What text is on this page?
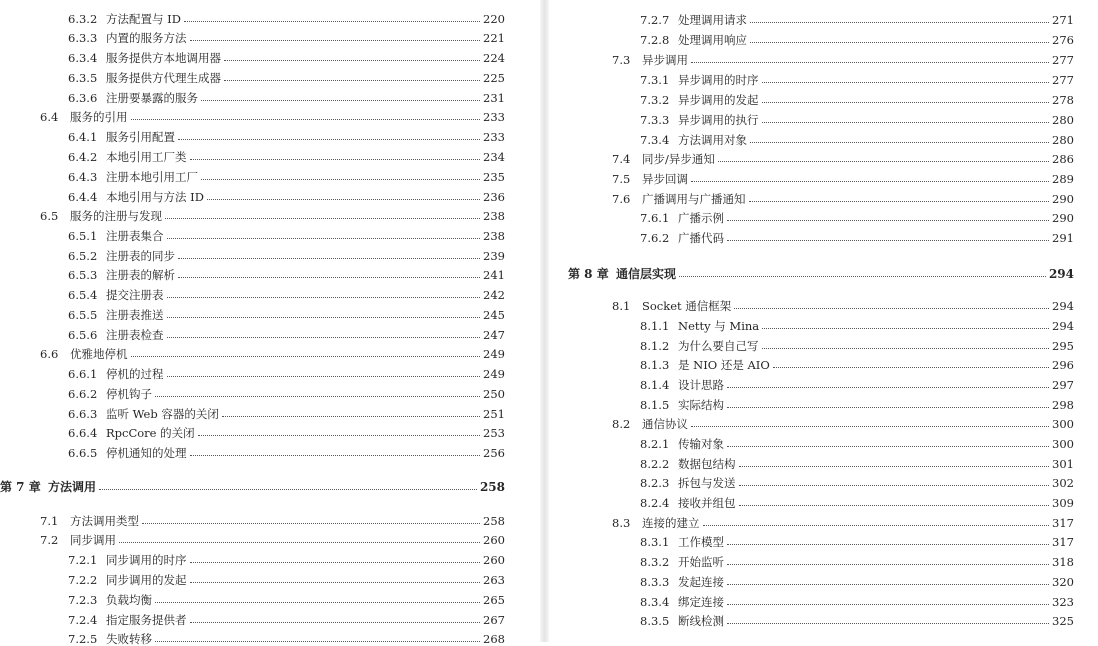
6.3.2 方法配置与 ID	220
6.3.3 内置的服务方法	221
6.3.4 服务提供方本地调用器	224
6.3.5 服务提供方代理生成器	225
6.3.6 注册要暴露的服务	231
6.4	服务的引用	233
6.4.1 服务引用配置	233
6.4.2 本地引用工厂类	234
6.4.3 注册本地引用工厂	235
6.4.4 本地引用与方法 ID	236
6.5	服务的注册与发现	238
6.5.1 注册表集合	238
6.5.2 注册表的同步	239
6.5.3 注册表的解析	241
6.5.4 提交注册表	242
6.5.5 注册表推送	245
6.5.6 注册表检查	247
6.6	优雅地停机	249
6.6.1 停机的过程	249
6.6.2 停机钩子	250
6.6.3 监听 Web 容器的关闭	251
6.6.4 RpcCore 的关闭	253
6.6.5 停机通知的处理	256
第 7 章 方法调用	258
7.1	方法调用类型	258
7.2	同步调用	260
7.2.1 同步调用的时序	260
7.2.2 同步调用的发起	263
7.2.3 负载均衡	265
7.2.4 指定服务提供者	267
7.2.5 失败转移	268
7.2.7 处理调用请求	271
7.2.8 处理调用响应	276
7.3	异步调用	277
7.3.1 异步调用的时序	277
7.3.2 异步调用的发起	278
7.3.3 异步调用的执行	280
7.3.4 方法调用对象	280
7.4	同步/异步通知	286
7.5	异步回调	289
7.6	广播调用与广播通知	290
7.6.1 广播示例	290
7.6.2 广播代码	291
第 8 章 通信层实现	294
8.1	Socket 通信框架	294
8.1.1 Netty 与 Mina	294
8.1.2 为什么要自己写	295
8.1.3 是 NIO 还是 AIO	296
8.1.4 设计思路	297
8.1.5 实际结构	298
8.2	通信协议	300
8.2.1 传输对象	300
8.2.2 数据包结构	301
8.2.3 拆包与发送	302
8.2.4 接收并组包	309
8.3	连接的建立	317
8.3.1 工作模型	317
8.3.2 开始监听	318
8.3.3 发起连接	320
8.3.4 绑定连接	323
8.3.5 断线检测	325
